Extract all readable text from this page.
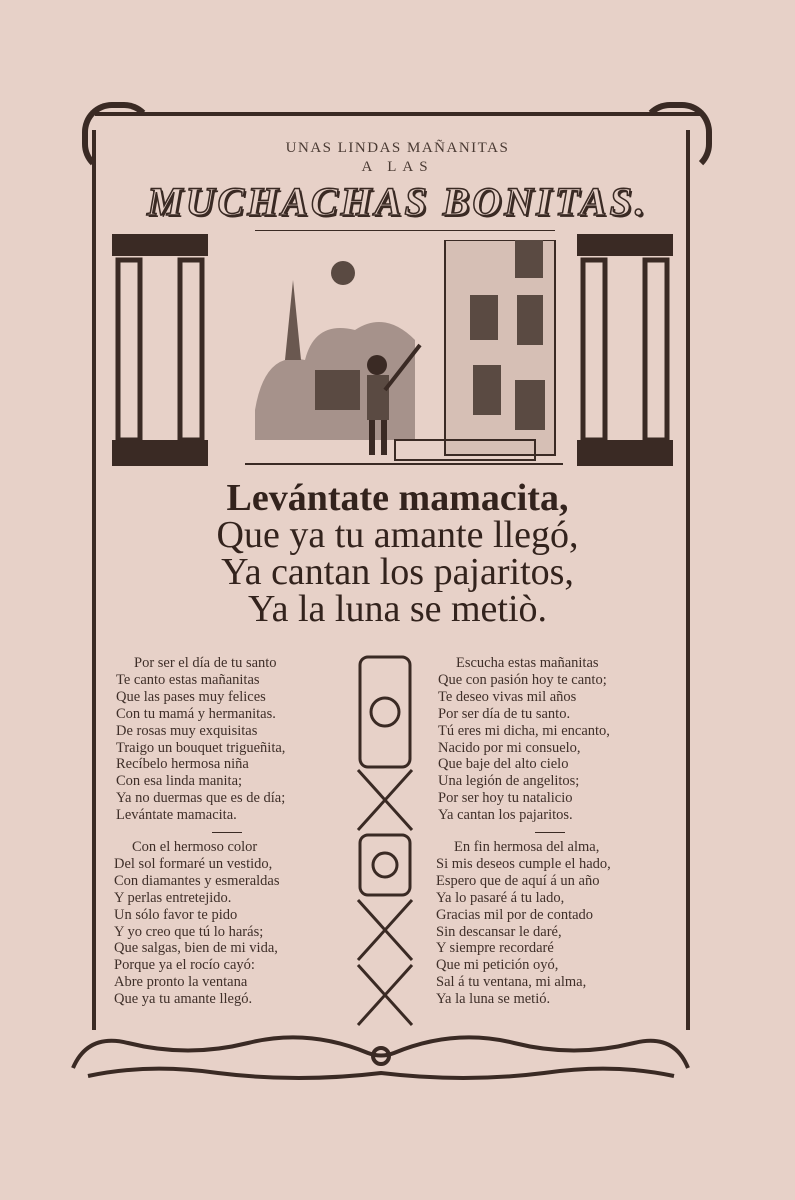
UNAS LINDAS MAÑANITAS
A LAS
MUCHACHAS BONITAS.
Levántate mamacita,
Que ya tu amante llegó,
Ya cantan los pajaritos,
Ya la luna se metiò.
Por ser el día de tu santo
Te canto estas mañanitas
Que las pases muy felices
Con tu mamá y hermanitas.
De rosas muy exquisitas
Traigo un bouquet trigueñita,
Recíbelo hermosa niña
Con esa linda manita;
Ya no duermas que es de día;
Levántate mamacita.
Escucha estas mañanitas
Que con pasión hoy te canto;
Te deseo vivas mil años
Por ser día de tu santo.
Tú eres mi dicha, mi encanto,
Nacido por mi consuelo,
Que baje del alto cielo
Una legión de angelitos;
Por ser hoy tu natalicio
Ya cantan los pajaritos.
Con el hermoso color
Del sol formaré un vestido,
Con diamantes y esmeraldas
Y perlas entretejido.
Un sólo favor te pido
Y yo creo que tú lo harás;
Que salgas, bien de mi vida,
Porque ya el rocío cayó:
Abre pronto la ventana
Que ya tu amante llegó.
En fin hermosa del alma,
Si mis deseos cumple el hado,
Espero que de aquí á un año
Ya lo pasaré á tu lado,
Gracias mil por de contado
Sin descansar le daré,
Y siempre recordaré
Que mi petición oyó,
Sal á tu ventana, mi alma,
Ya la luna se metió.
